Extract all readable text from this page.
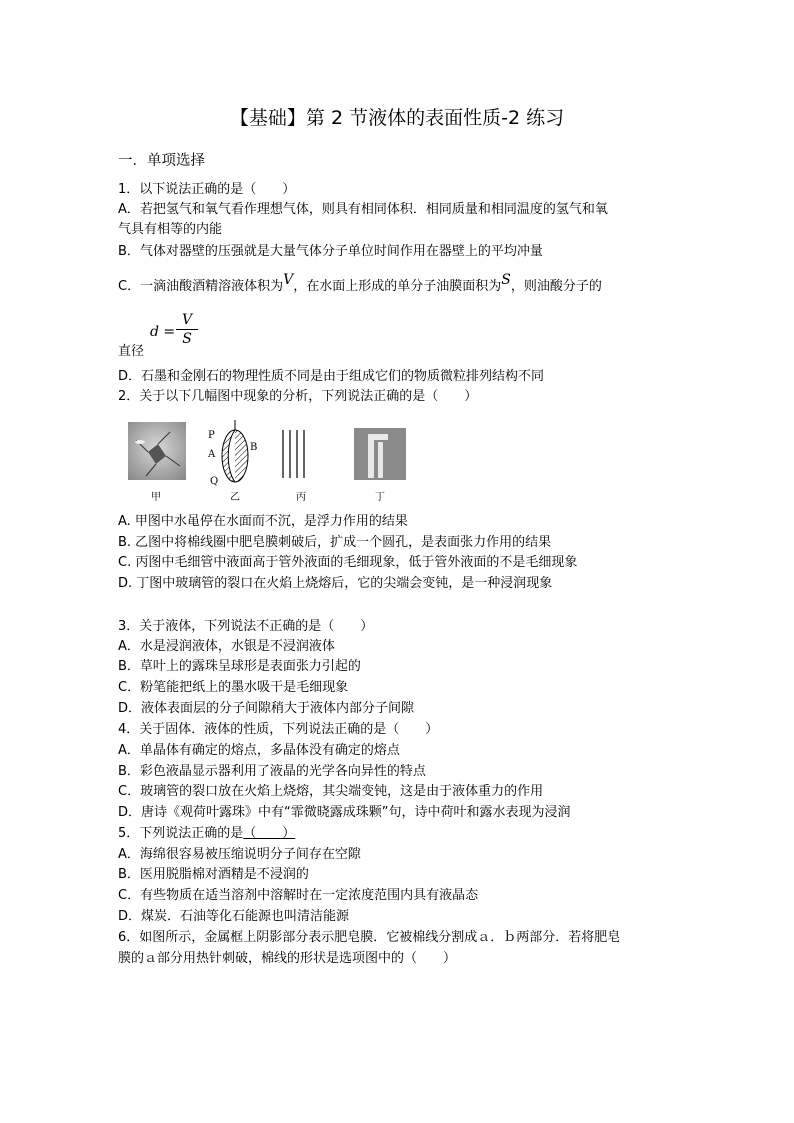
【基础】第 2 节液体的表面性质-2 练习
一．单项选择
1．以下说法正确的是（　　）
A．若把氢气和氧气看作理想气体，则具有相同体积．相同质量和相同温度的氢气和氧
气具有相等的内能
B．气体对器壁的压强就是大量气体分子单位时间作用在器壁上的平均冲量
C．一滴油酸酒精溶液体积为V，在水面上形成的单分子油膜面积为S，则油酸分子的
直径
d =
V
S
D．石墨和金刚石的物理性质不同是由于组成它们的物质微粒排列结构不同
2．关于以下几幅图中现象的分析，下列说法正确的是（　　）
甲
P
A
Q
B
乙	丙	丁
A. 甲图中水黾停在水面而不沉，是浮力作用的结果
B. 乙图中将棉线圈中肥皂膜刺破后，扩成一个圆孔，是表面张力作用的结果
C. 丙图中毛细管中液面高于管外液面的毛细现象，低于管外液面的不是毛细现象
D. 丁图中玻璃管的裂口在火焰上烧熔后，它的尖端会变钝，是一种浸润现象
3．关于液体，下列说法不正确的是（　　）
A．水是浸润液体，水银是不浸润液体
B．草叶上的露珠呈球形是表面张力引起的
C．粉笔能把纸上的墨水吸干是毛细现象
D．液体表面层的分子间隙稍大于液体内部分子间隙
4．关于固体．液体的性质，下列说法正确的是（　　）
A．单晶体有确定的熔点，多晶体没有确定的熔点
B．彩色液晶显示器利用了液晶的光学各向异性的特点
C．玻璃管的裂口放在火焰上烧熔，其尖端变钝，这是由于液体重力的作用
D．唐诗《观荷叶露珠》中有“霏微晓露成珠颗”句，诗中荷叶和露水表现为浸润
5．下列说法正确的是（　　）
A．海绵很容易被压缩说明分子间存在空隙
B．医用脱脂棉对酒精是不浸润的
C．有些物质在适当溶剂中溶解时在一定浓度范围内具有液晶态
D．煤炭．石油等化石能源也叫清洁能源
6．如图所示，金属框上阴影部分表示肥皂膜．它被棉线分割成ａ．ｂ两部分．若将肥皂
膜的ａ部分用热针刺破，棉线的形状是选项图中的（　　）
